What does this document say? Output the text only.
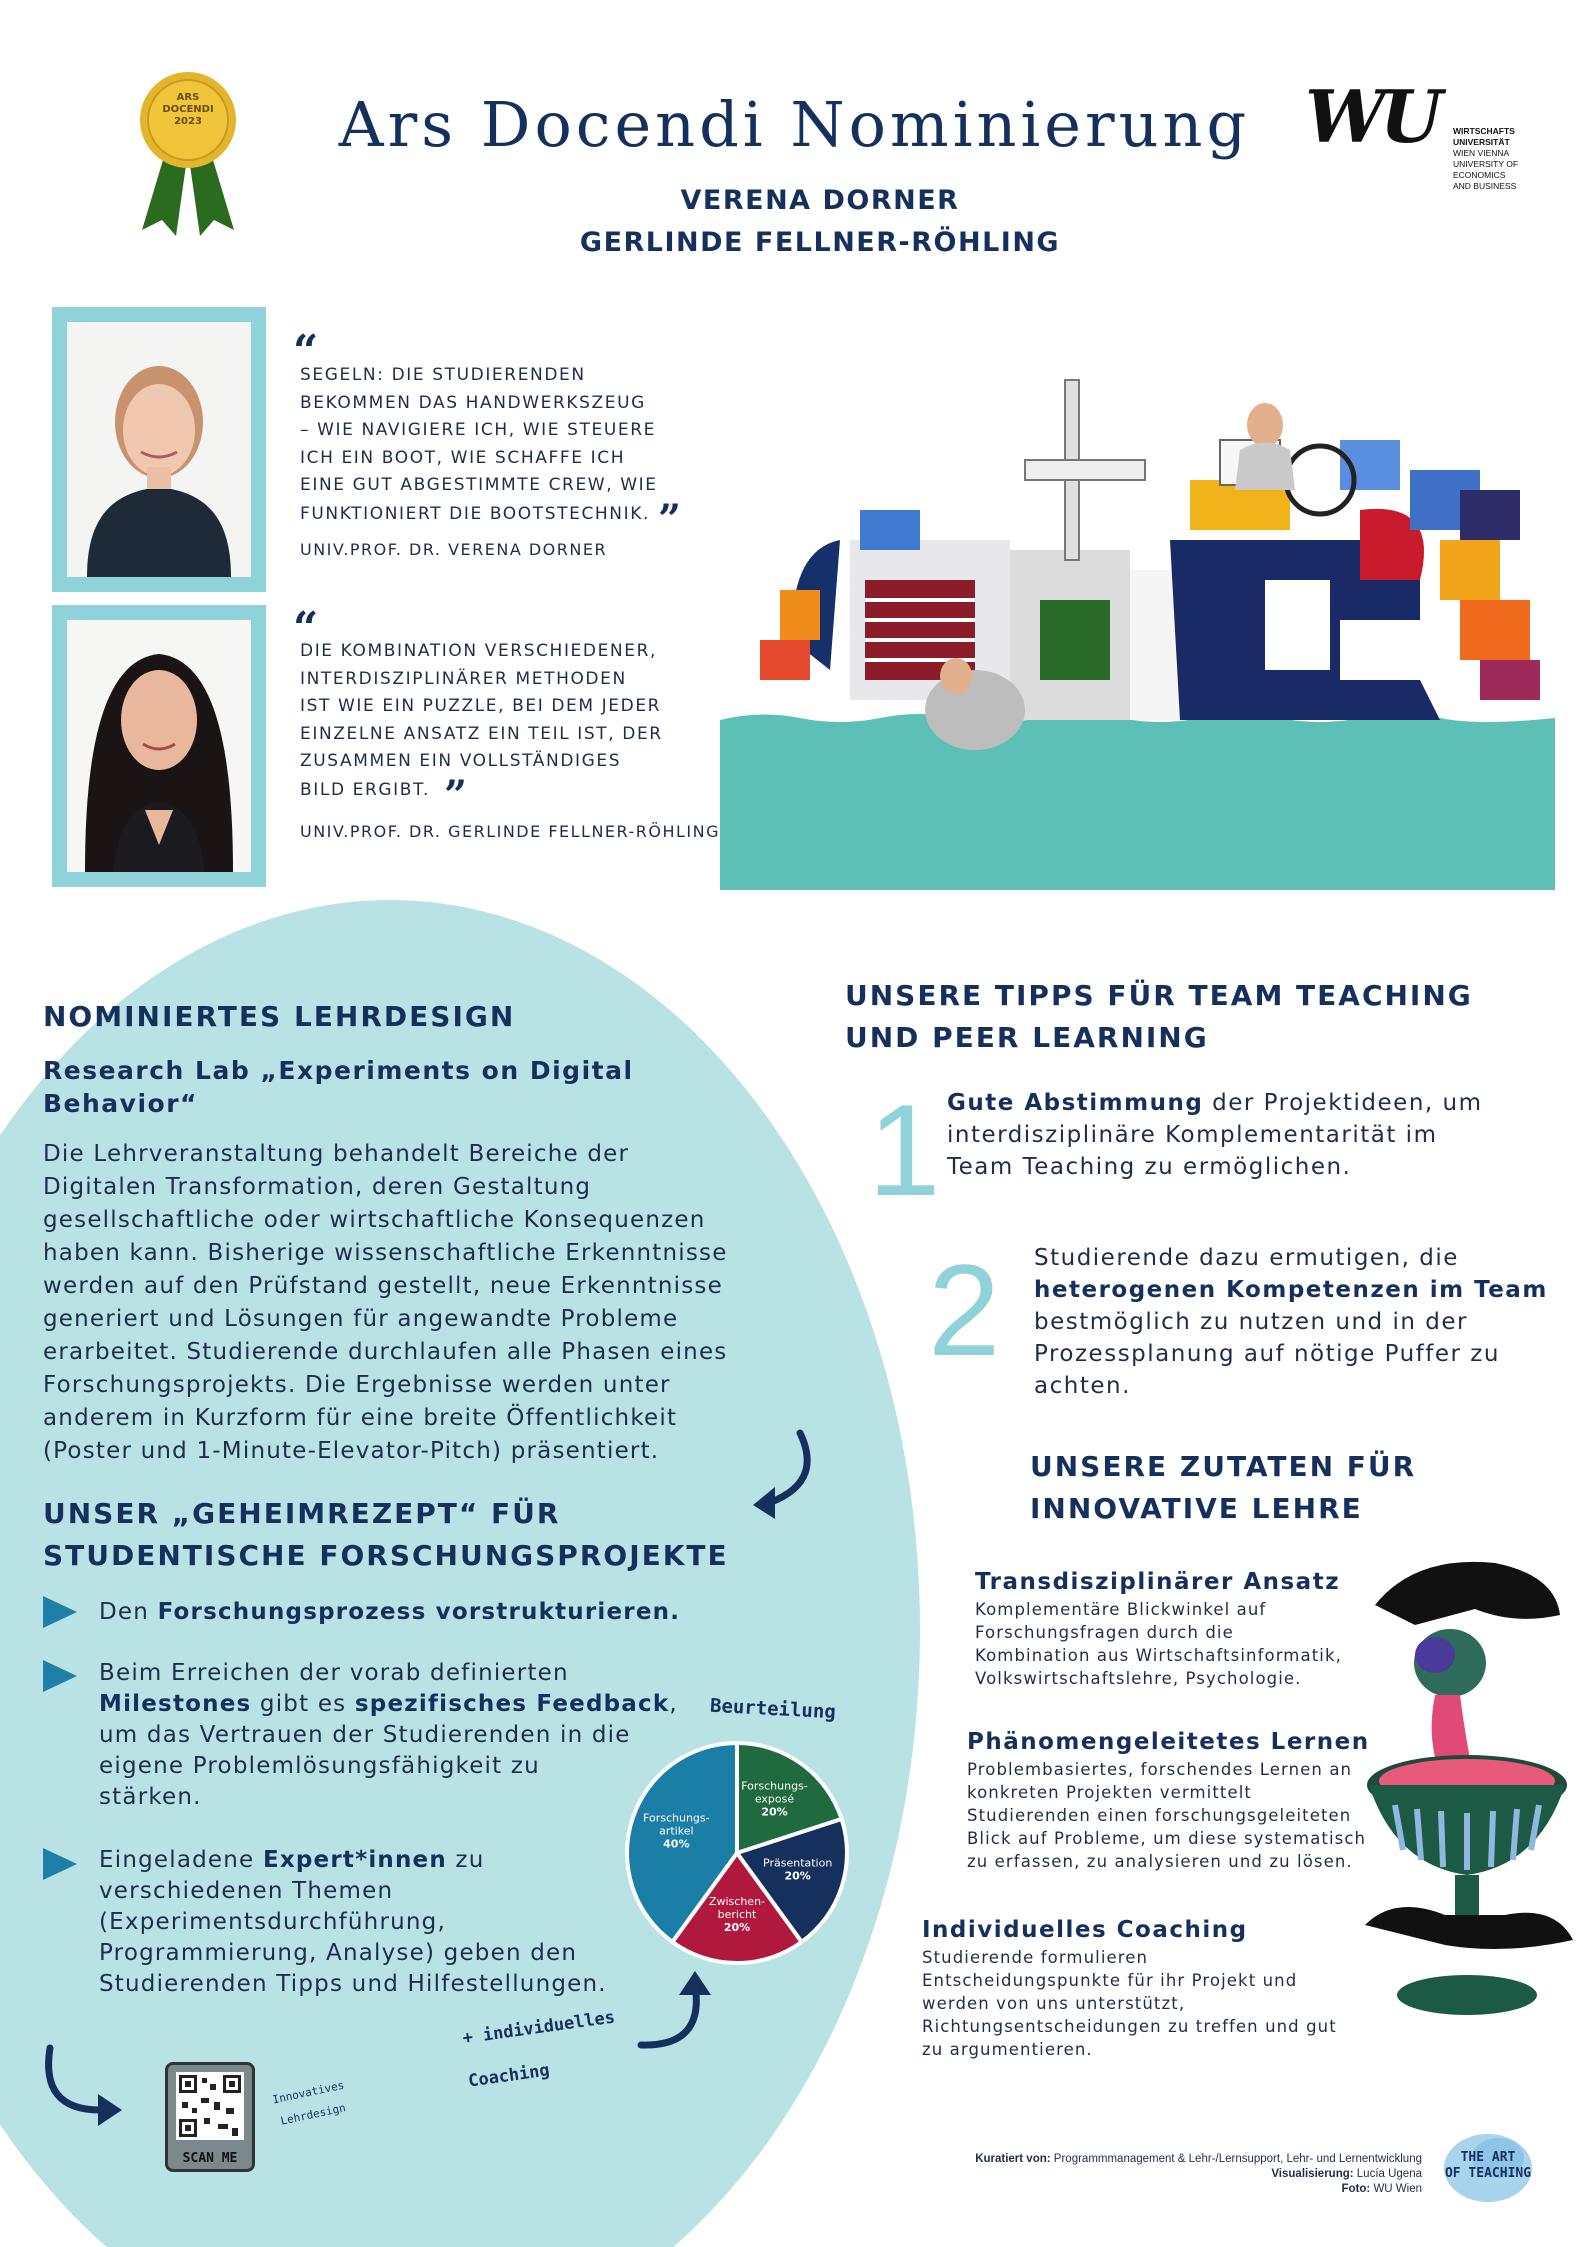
ARS
DOCENDI
2023	Ars Docendi Nominierung
VERENA DORNER
GERLINDE FELLNER-RÖHLING
WU WIRTSCHAFTS
UNIVERSITÄT
WIEN VIENNA
UNIVERSITY OF
ECONOMICS
AND BUSINESS
“
SEGELN: DIE STUDIERENDEN
BEKOMMEN DAS HANDWERKSZEUG
– WIE NAVIGIERE ICH, WIE STEUERE
ICH EIN BOOT, WIE SCHAFFE ICH
EINE GUT ABGESTIMMTE CREW, WIE
FUNKTIONIERT DIE BOOTSTECHNIK. ”
UNIV.PROF. DR. VERENA DORNER
“
DIE KOMBINATION VERSCHIEDENER,
INTERDISZIPLINÄRER METHODEN
IST WIE EIN PUZZLE, BEI DEM JEDER
EINZELNE ANSATZ EIN TEIL IST, DER
ZUSAMMEN EIN VOLLSTÄNDIGES
BILD ERGIBT. ”
UNIV.PROF. DR. GERLINDE FELLNER-RÖHLING
NOMINIERTES LEHRDESIGN
Research Lab „Experiments on Digital
Behavior“
Die Lehrveranstaltung behandelt Bereiche der
Digitalen Transformation, deren Gestaltung
gesellschaftliche oder wirtschaftliche Konsequenzen
haben kann. Bisherige wissenschaftliche Erkenntnisse
werden auf den Prüfstand gestellt, neue Erkenntnisse
generiert und Lösungen für angewandte Probleme
erarbeitet. Studierende durchlaufen alle Phasen eines
Forschungsprojekts. Die Ergebnisse werden unter
anderem in Kurzform für eine breite Öffentlichkeit
(Poster und 1-Minute-Elevator-Pitch) präsentiert.
UNSER „GEHEIMREZEPT“ FÜR
STUDENTISCHE FORSCHUNGSPROJEKTE
Den Forschungsprozess vorstrukturieren.
Beim Erreichen der vorab definierten
Milestones gibt es spezifisches Feedback,
um das Vertrauen der Studierenden in die
eigene Problemlösungsfähigkeit zu
stärken.
Eingeladene Expert*innen zu
verschiedenen Themen
(Experimentsdurchführung,
Programmierung, Analyse) geben den
Studierenden Tipps und Hilfestellungen.
Beurteilung
Forschungs-exposé 20%
Präsentation 20%
Zwischen-bericht 20%
Forschungs-artikel 40%
+ individuelles
Coaching
SCAN ME
Innovatives
Lehrdesign
UNSERE TIPPS FÜR TEAM TEACHING
UND PEER LEARNING
1 Gute Abstimmung der Projektideen, um
interdisziplinäre Komplementarität im
Team Teaching zu ermöglichen.
2 Studierende dazu ermutigen, die
heterogenen Kompetenzen im Team
bestmöglich zu nutzen und in der
Prozessplanung auf nötige Puffer zu
achten.
UNSERE ZUTATEN FÜR
INNOVATIVE LEHRE
Transdisziplinärer Ansatz
Komplementäre Blickwinkel auf
Forschungsfragen durch die
Kombination aus Wirtschaftsinformatik,
Volkswirtschaftslehre, Psychologie.
Phänomengeleitetes Lernen
Problembasiertes, forschendes Lernen an
konkreten Projekten vermittelt
Studierenden einen forschungsgeleiteten
Blick auf Probleme, um diese systematisch
zu erfassen, zu analysieren und zu lösen.
Individuelles Coaching
Studierende formulieren
Entscheidungspunkte für ihr Projekt und
werden von uns unterstützt,
Richtungsentscheidungen zu treffen und gut
zu argumentieren.
Kuratiert von: Programmmanagement & Lehr-/Lernsupport, Lehr- und Lernentwicklung
Visualisierung: Lucía Ugena
Foto: WU Wien
THE ART
OF TEACHING
